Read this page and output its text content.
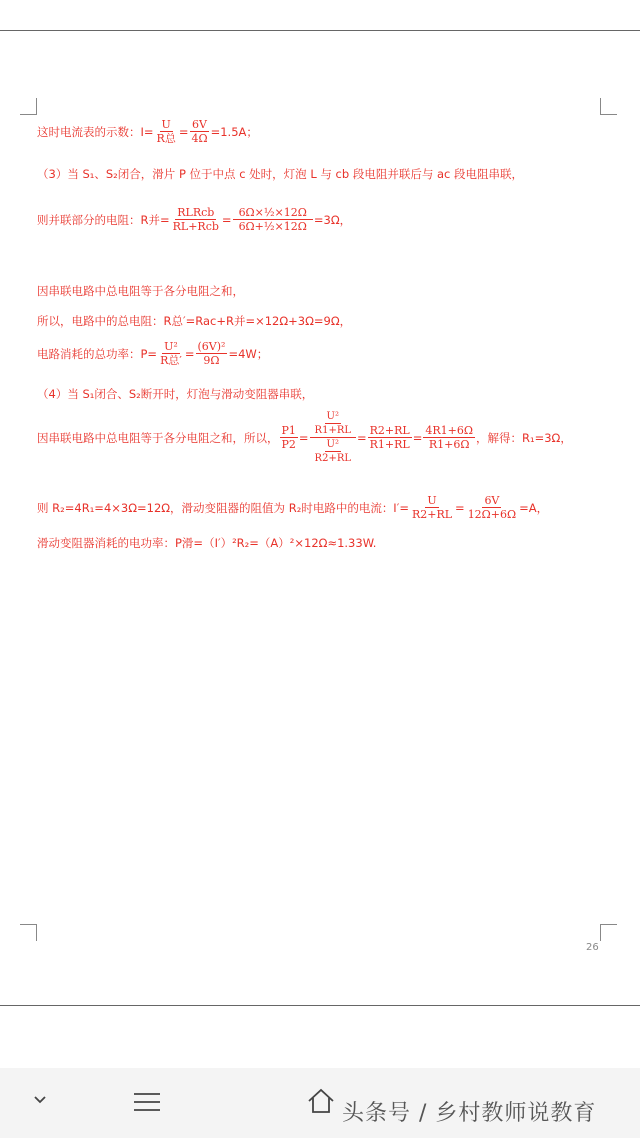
26
这时电流表的示数： $I= \frac{U}{\text{R总}} = \frac{6V}{4\Omega} =1.5A$；
（3）当 S₁、S₂闭合，滑片 P 位于中点 c 处时，灯泡 L 与 cb 段电阻并联后与 ac 段电阻串联，
则并联部分的电阻：R并= $\frac{\text{RLRcb}}{\text{RL+Rcb}} = \frac{\text{6Ω×½×12Ω}}{\text{6Ω+½×12Ω}} =3\Omega$，
因串联电路中总电阻等于各分电阻之和，
所以，电路中的总电阻：R总′=Rac+R并=×12Ω+3Ω=9Ω，
电路消耗的总功率：$P= \frac{\text{U²}}{\text{R总′}} = \frac{\text{(6V)²}}{9\Omega} =4W$；
（4）当 S₁闭合、S₂断开时，灯泡与滑动变阻器串联，
因串联电路中总电阻等于各分电阻之和，所以， $\frac{P1}{P2} = \frac{\frac{\text{U²}}{R1+RL}}{\frac{\text{U²}}{R2+RL}} = \frac{R2+RL}{R1+RL} = \frac{4R1+6\Omega}{R1+6\Omega}$ ，解得：R₁=3Ω，
则 R₂=4R₁=4×3Ω=12Ω，滑动变阻器的阻值为 R₂时电路中的电流：$I'= \frac{U}{R2+RL} = \frac{6V}{12\Omega+6\Omega} =A$，
滑动变阻器消耗的电功率：P滑=（I′）²R₂=（A）²×12Ω≈1.33W.
头条号 / 乡村教师说教育
